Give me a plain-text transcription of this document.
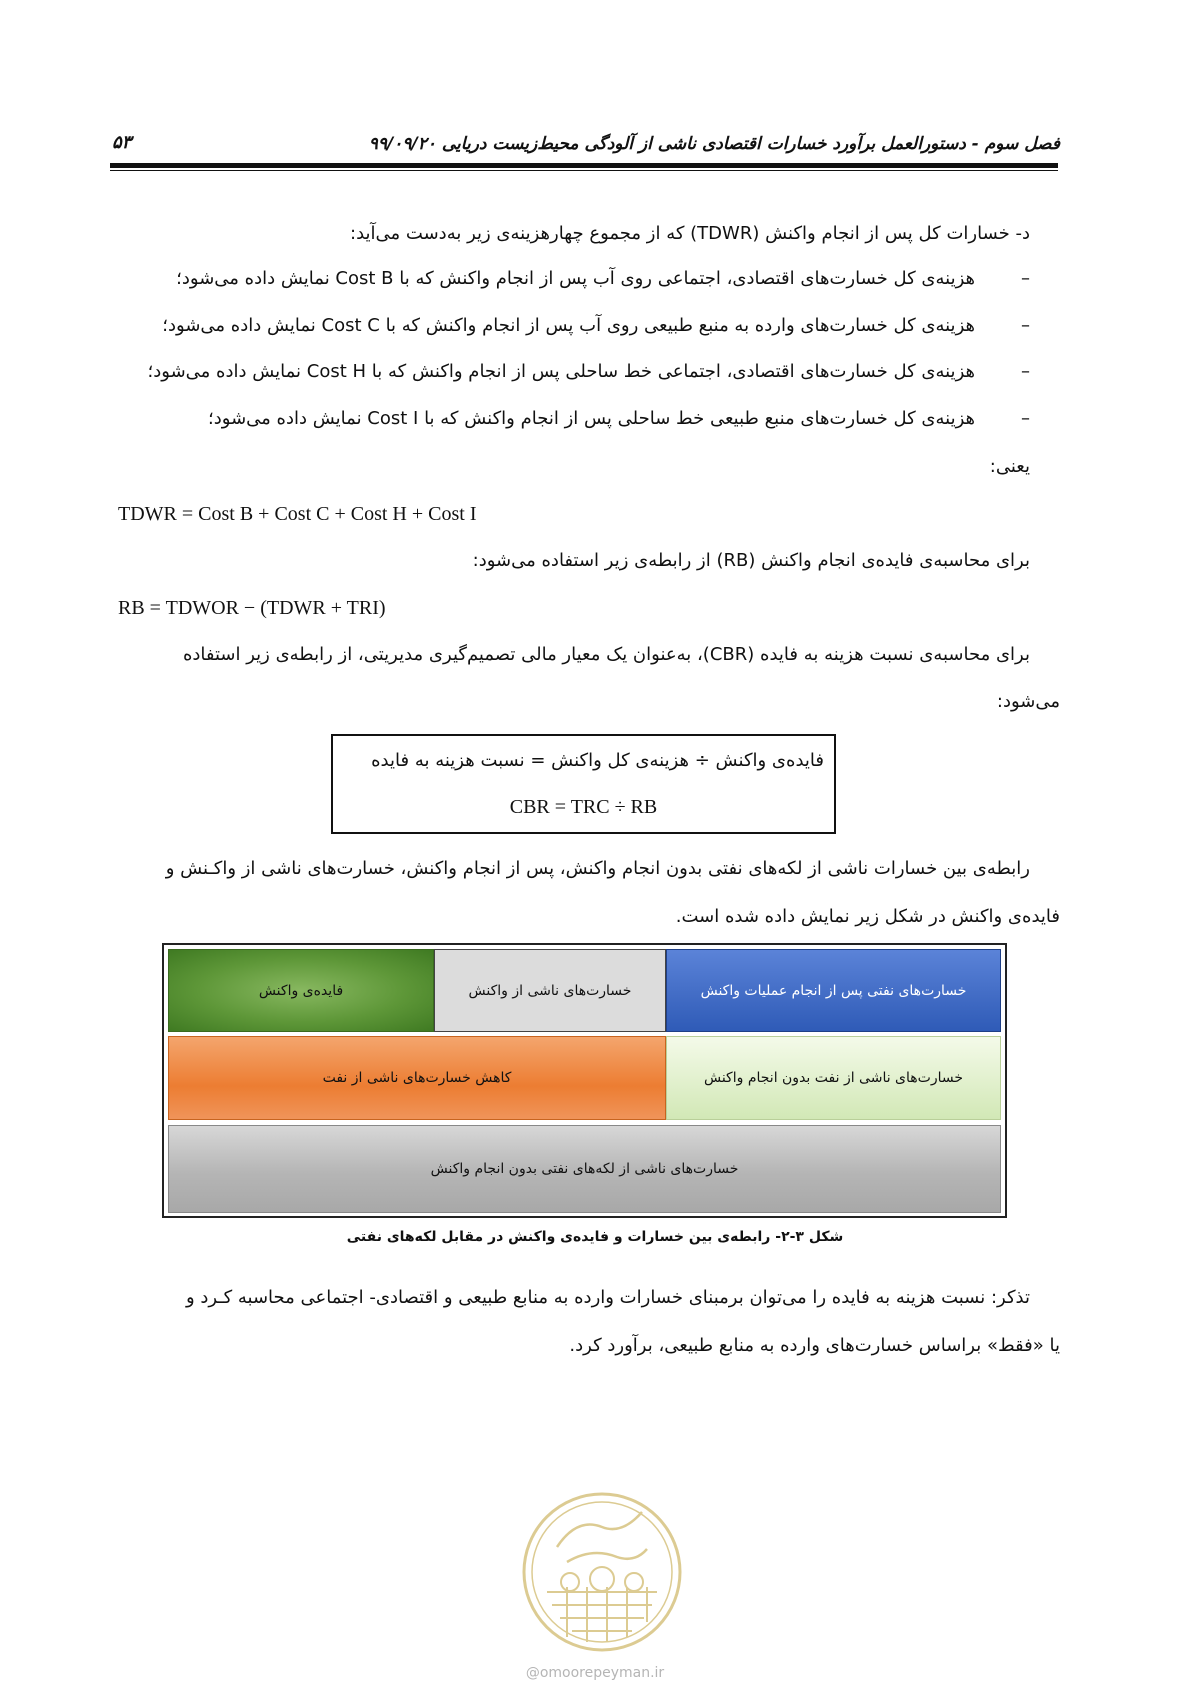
فصل سوم - دستورالعمل برآورد خسارات اقتصادی ناشی از آلودگی محیط‌زیست دریایی ۹۹/۰۹/۲۰
۵۳
د- خسارات کل پس از انجام واکنش (TDWR) که از مجموع چهارهزینه‌ی زیر به‌دست می‌آید:
–
هزینه‌ی کل خسارت‌های اقتصادی، اجتماعی روی آب پس از انجام واکنش که با Cost B نمایش داده می‌شود؛
–
هزینه‌ی کل خسارت‌های وارده به منبع طبیعی روی آب پس از انجام واکنش که با Cost C نمایش داده می‌شود؛
–
هزینه‌ی کل خسارت‌های اقتصادی، اجتماعی خط ساحلی پس از انجام واکنش که با Cost H نمایش داده می‌شود؛
–
هزینه‌ی کل خسارت‌های منبع طبیعی خط ساحلی پس از انجام واکنش که با Cost I نمایش داده می‌شود؛
یعنی:
TDWR = Cost B + Cost C + Cost H + Cost I
برای محاسبه‌ی فایده‌ی انجام واکنش (RB) از رابطه‌ی زیر استفاده می‌شود:
RB = TDWOR − (TDWR + TRI)
برای محاسبه‌ی نسبت هزینه به فایده (CBR)، به‌عنوان یک معیار مالی تصمیم‌گیری مدیریتی، از رابطه‌ی زیر استفاده
می‌شود:
فایده‌ی واکنش ÷ هزینه‌ی کل واکنش = نسبت هزینه به فایده
CBR = TRC ÷ RB
رابطه‌ی بین خسارات ناشی از لکه‌های نفتی بدون انجام واکنش، پس از انجام واکنش، خسارت‌های ناشی از واکـنش و
فایده‌ی واکنش در شکل زیر نمایش داده شده است.
خسارت‌های نفتی پس از انجام عملیات واکنش
خسارت‌های ناشی از واکنش
فایده‌ی واکنش
خسارت‌های ناشی از نفت بدون انجام واکنش
کاهش خسارت‌های ناشی از نفت
خسارت‌های ناشی از لکه‌های نفتی بدون انجام واکنش
شکل ۳-۲- رابطه‌ی بین خسارات و فایده‌ی واکنش در مقابل لکه‌های نفتی
تذکر: نسبت هزینه به فایده را می‌توان برمبنای خسارات وارده به منابع طبیعی و اقتصادی- اجتماعی محاسبه کـرد و
یا «فقط» براساس خسارت‌های وارده به منابع طبیعی، برآورد کرد.
@omoorepeyman.ir
